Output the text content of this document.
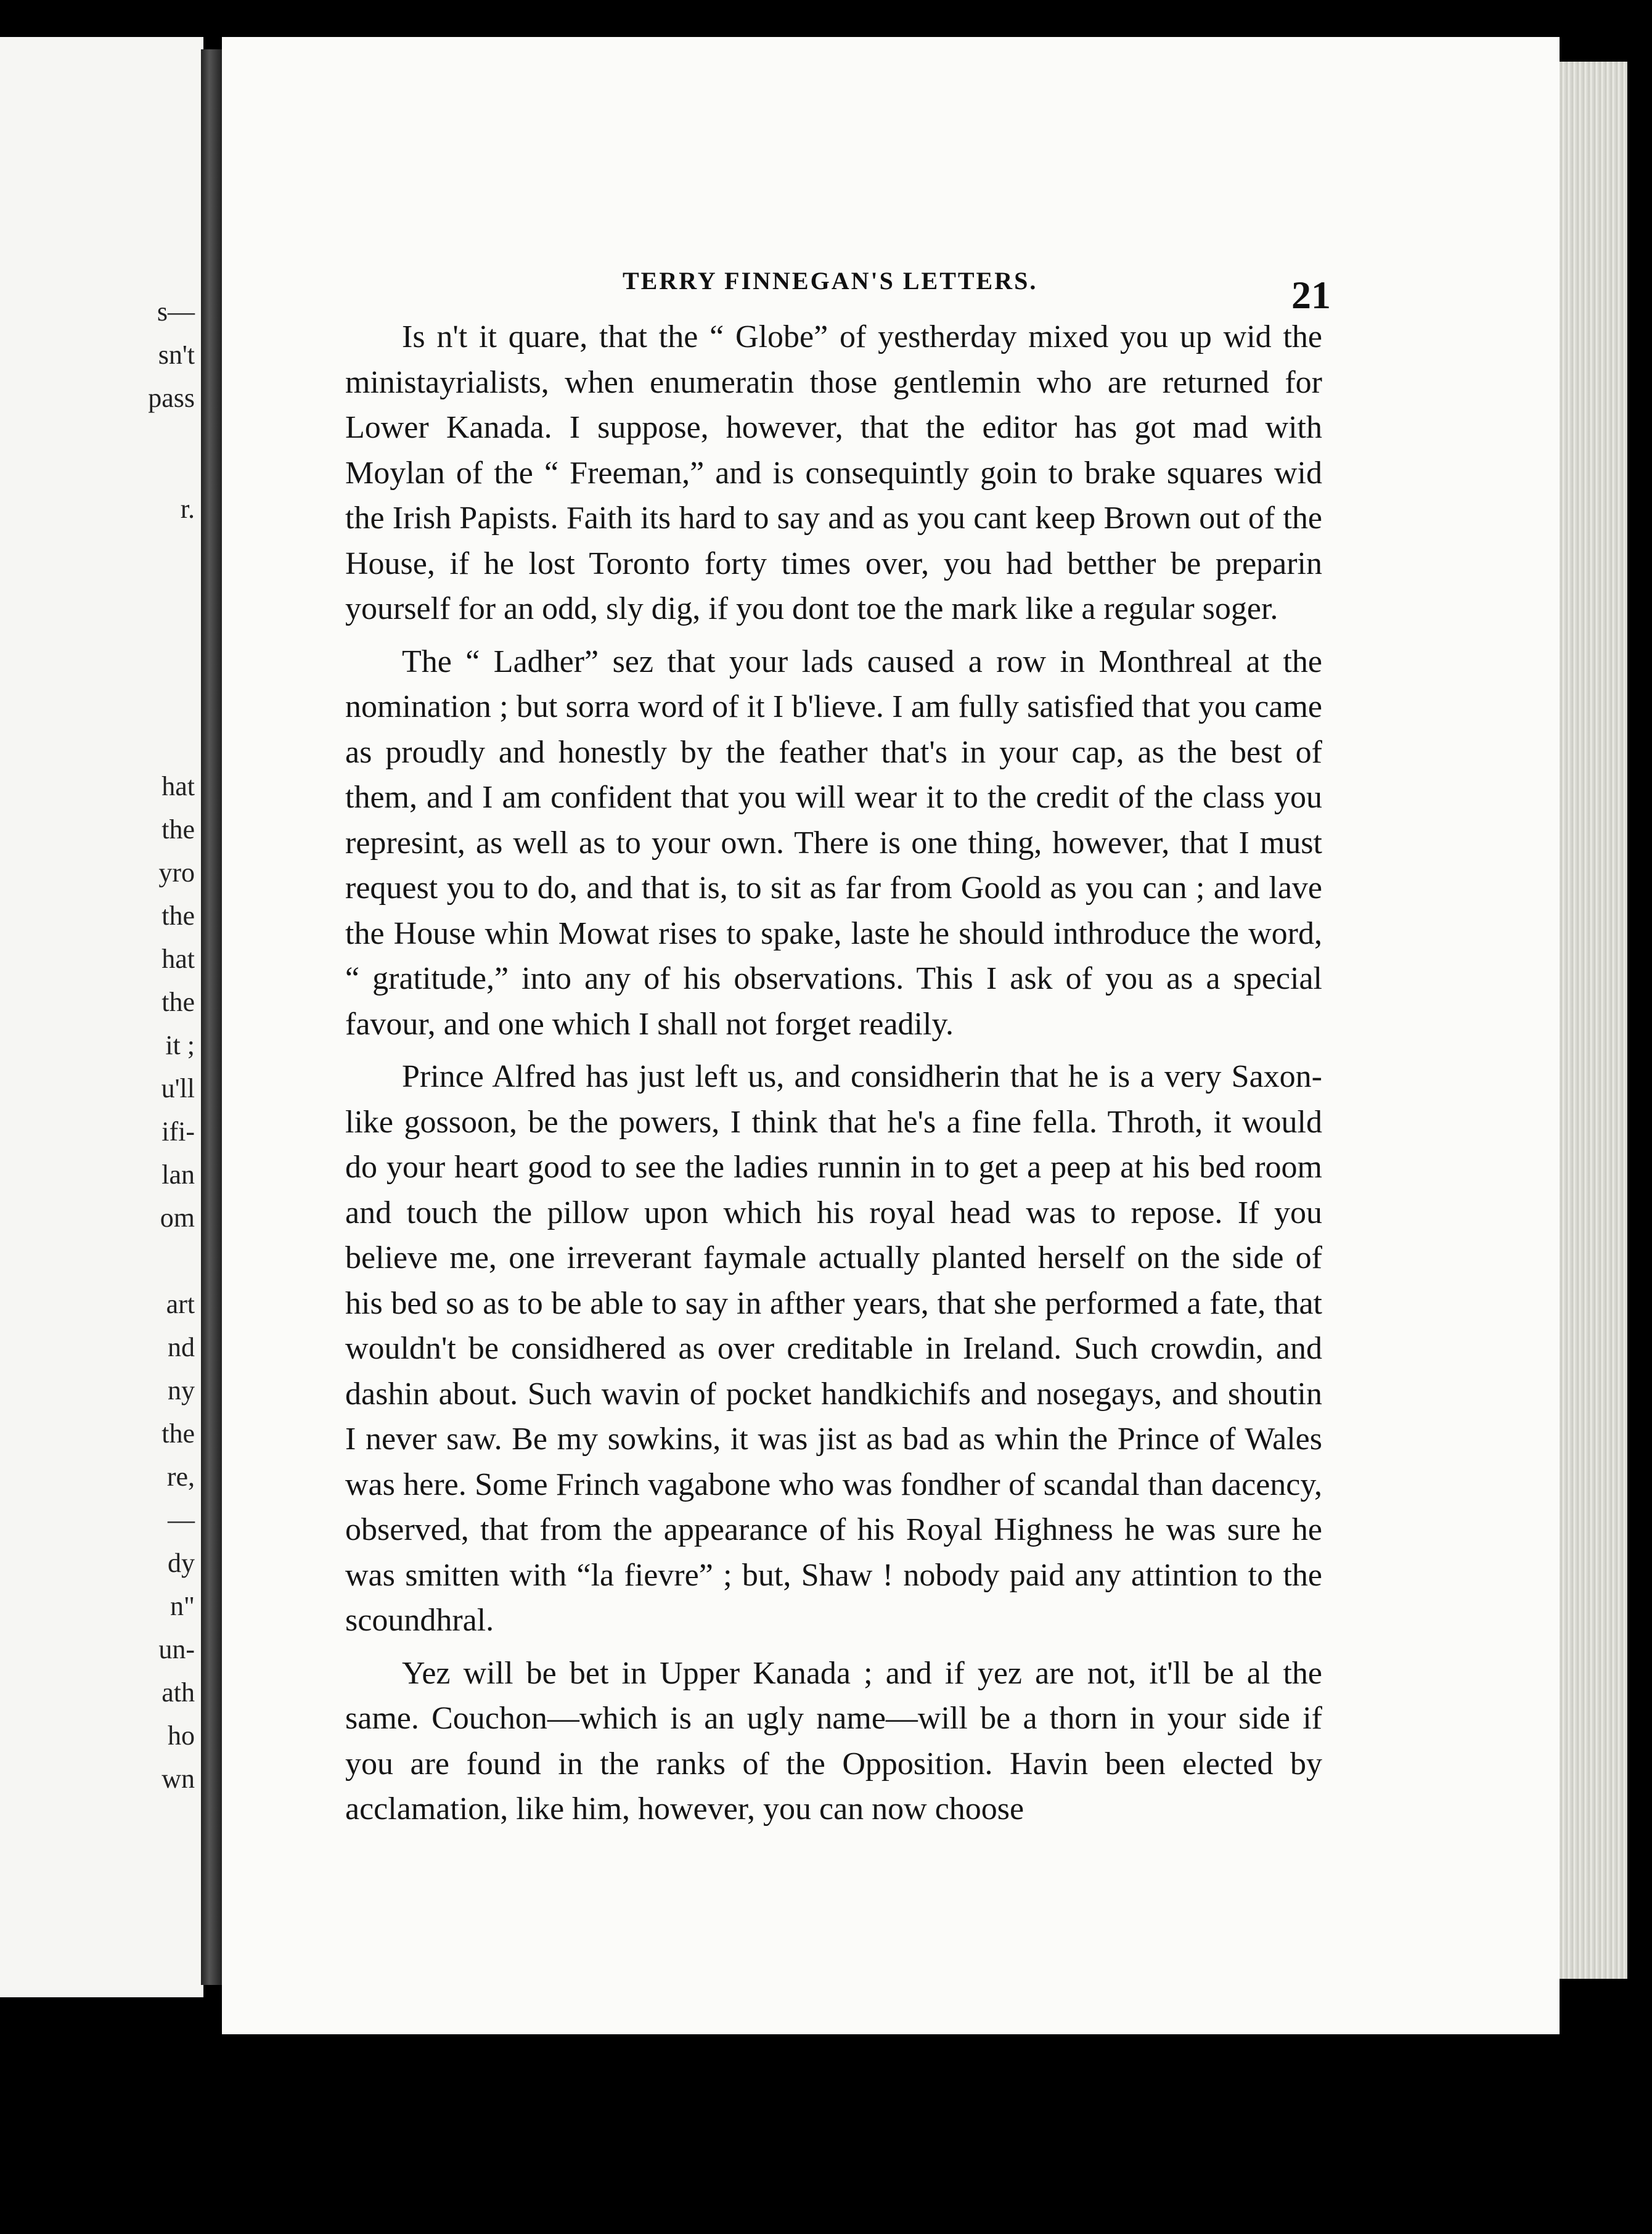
s—
sn't
pass
r.
hat
the
yro
the
hat
the
it ;
u'll
ifi-
lan
om
art
nd
ny
the
re,
—
dy
n"
un-
ath
ho
wn
TERRY FINNEGAN'S LETTERS.	21

Is n't it quare, that the “ Globe” of yestherday mixed you up wid the ministayrialists, when enumeratin those gentlemin who are returned for Lower Kanada. I suppose, however, that the editor has got mad with Moylan of the “ Freeman,” and is consequintly goin to brake squares wid the Irish Papists. Faith its hard to say and as you cant keep Brown out of the House, if he lost Toronto forty times over, you had betther be preparin yourself for an odd, sly dig, if you dont toe the mark like a regular soger.

The “ Ladher” sez that your lads caused a row in Monthreal at the nomination ; but sorra word of it I b'lieve. I am fully satisfied that you came as proudly and honestly by the feather that's in your cap, as the best of them, and I am confident that you will wear it to the credit of the class you represint, as well as to your own. There is one thing, however, that I must request you to do, and that is, to sit as far from Goold as you can ; and lave the House whin Mowat rises to spake, laste he should inthroduce the word, “ gratitude,” into any of his observations. This I ask of you as a special favour, and one which I shall not forget readily.

Prince Alfred has just left us, and considherin that he is a very Saxon-like gossoon, be the powers, I think that he's a fine fella. Throth, it would do your heart good to see the ladies runnin in to get a peep at his bed room and touch the pillow upon which his royal head was to repose. If you believe me, one irreverant faymale actually planted herself on the side of his bed so as to be able to say in afther years, that she performed a fate, that wouldn't be considhered as over creditable in Ireland. Such crowdin, and dashin about. Such wavin of pocket handkichifs and nosegays, and shoutin I never saw. Be my sowkins, it was jist as bad as whin the Prince of Wales was here. Some Frinch vagabone who was fondher of scandal than dacency, observed, that from the appearance of his Royal Highness he was sure he was smitten with “la fievre” ; but, Shaw ! nobody paid any attintion to the scoundhral.

Yez will be bet in Upper Kanada ; and if yez are not, it'll be al the same. Couchon—which is an ugly name—will be a thorn in your side if you are found in the ranks of the Opposition. Havin been elected by acclamation, like him, however, you can now choose
